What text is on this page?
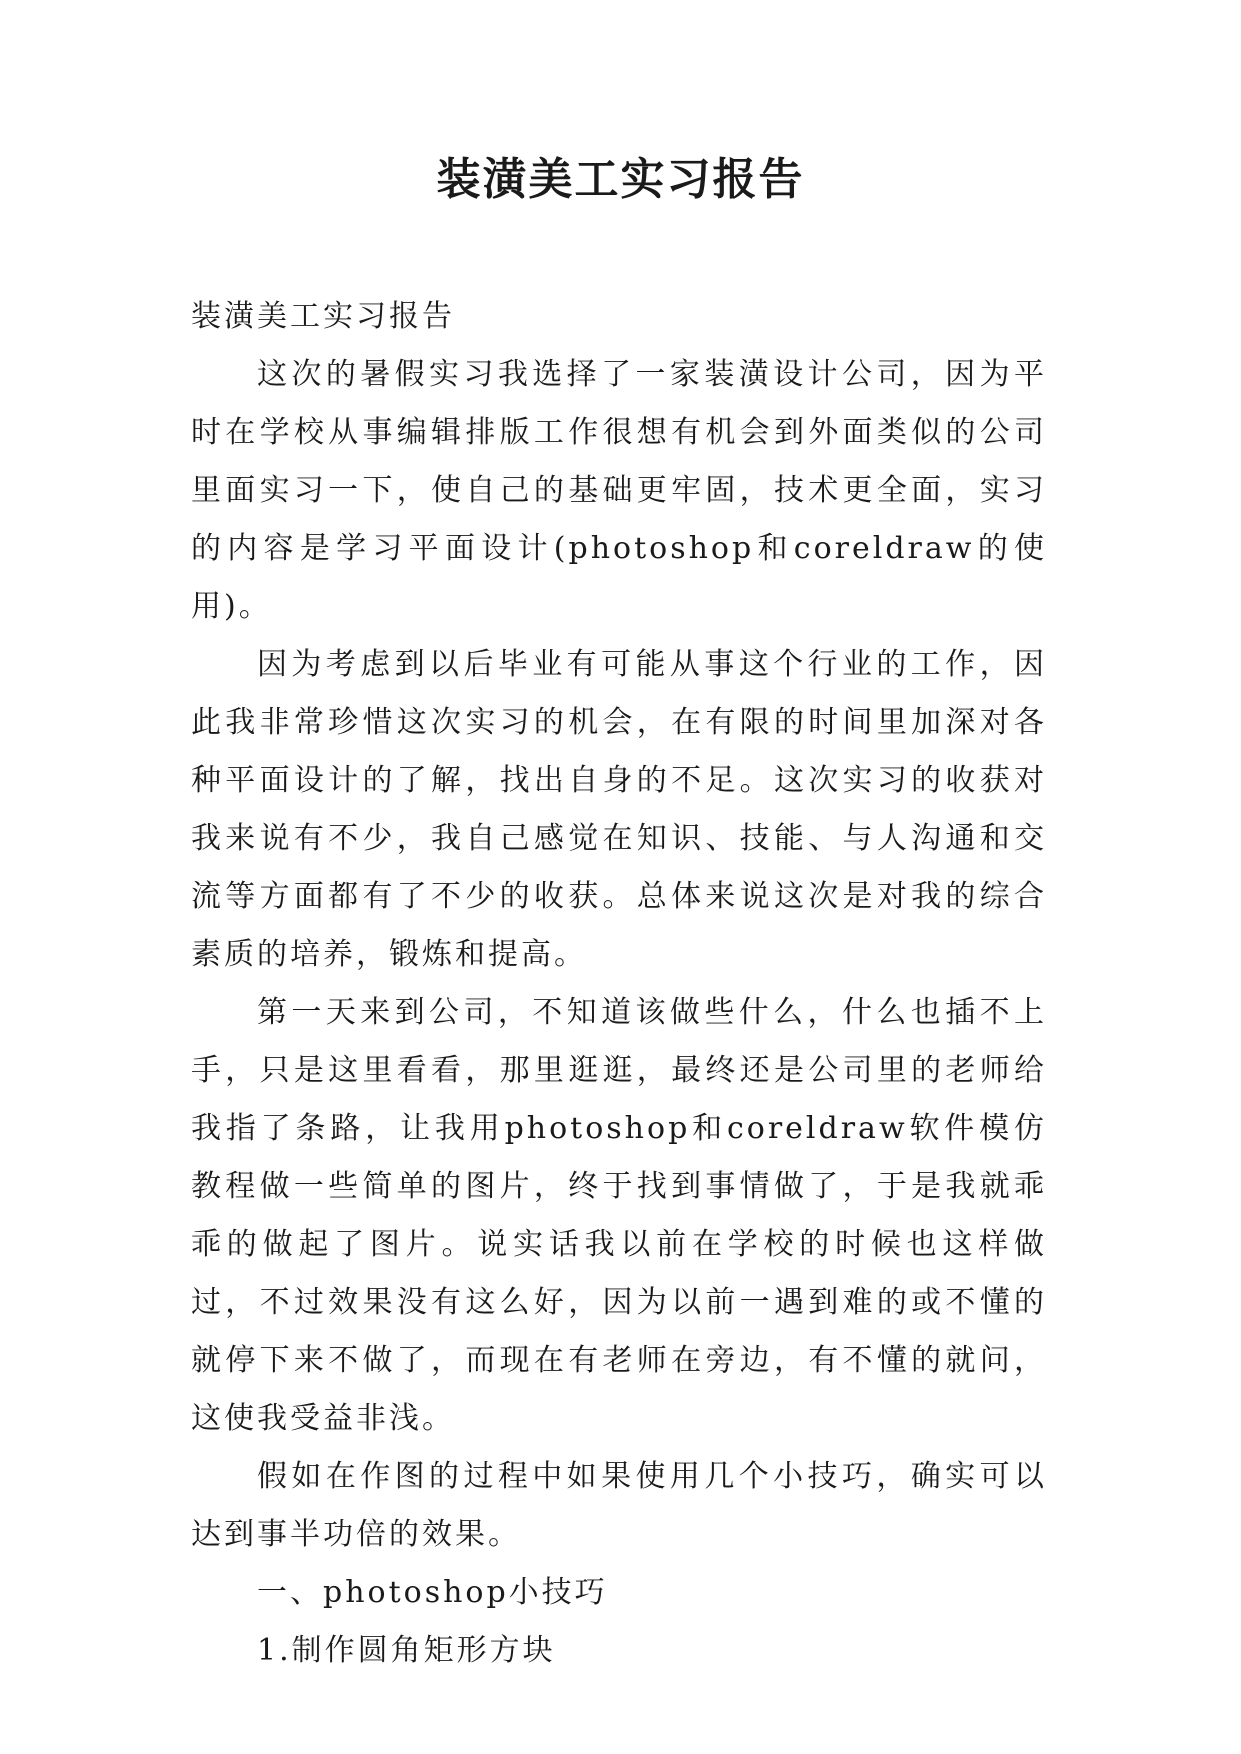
装潢美工实习报告

装潢美工实习报告

这次的暑假实习我选择了一家装潢设计公司，因为平时在学校从事编辑排版工作很想有机会到外面类似的公司里面实习一下，使自己的基础更牢固，技术更全面，实习的内容是学习平面设计(photoshop和coreldraw的使用)。

因为考虑到以后毕业有可能从事这个行业的工作，因此我非常珍惜这次实习的机会，在有限的时间里加深对各种平面设计的了解，找出自身的不足。这次实习的收获对我来说有不少，我自己感觉在知识、技能、与人沟通和交流等方面都有了不少的收获。总体来说这次是对我的综合素质的培养，锻炼和提高。

第一天来到公司，不知道该做些什么，什么也插不上手，只是这里看看，那里逛逛，最终还是公司里的老师给我指了条路，让我用photoshop和coreldraw软件模仿教程做一些简单的图片，终于找到事情做了，于是我就乖乖的做起了图片。说实话我以前在学校的时候也这样做过，不过效果没有这么好，因为以前一遇到难的或不懂的就停下来不做了，而现在有老师在旁边，有不懂的就问，这使我受益非浅。

假如在作图的过程中如果使用几个小技巧，确实可以达到事半功倍的效果。

一、photoshop小技巧

1.制作圆角矩形方块
